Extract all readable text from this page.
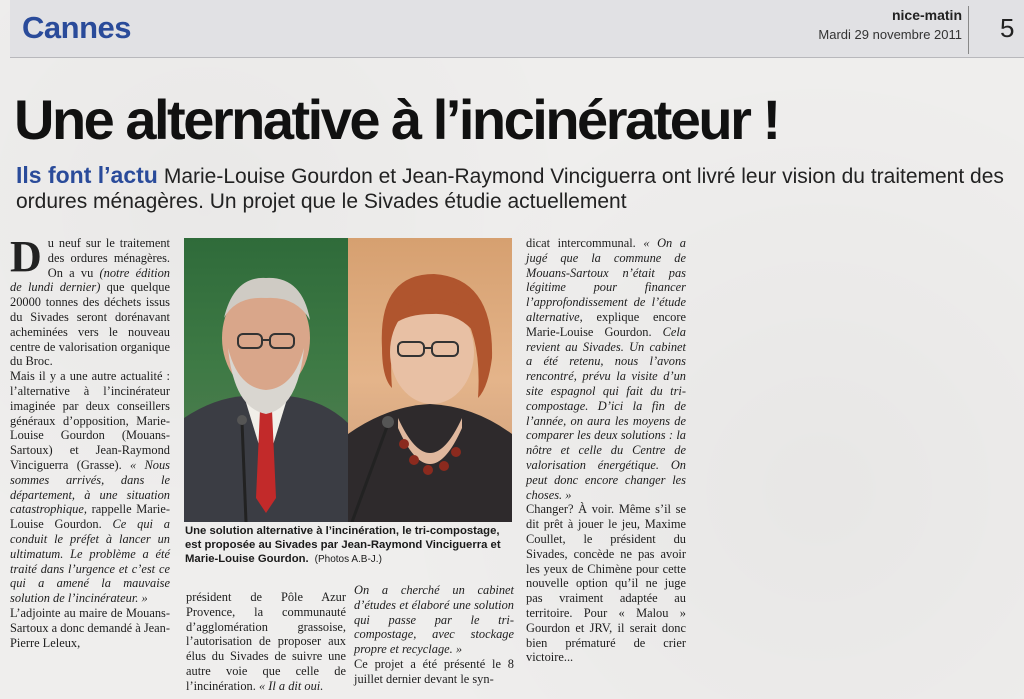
Cannes	nice-matin
Mardi 29 novembre 2011 5
Une alternative à l’incinérateur !
Ils font l’actu Marie-Louise Gourdon et Jean-Raymond Vinciguerra ont livré leur vision du traitement des ordures ménagères. Un projet que le Sivades étudie actuellement

Du neuf sur le traitement des ordures ménagères. On a vu (notre édition de lundi dernier) que quelque 20000 tonnes des déchets issus du Sivades seront dorénavant acheminées vers le nouveau centre de valorisation organique du Broc.

Mais il y a une autre actualité : l’alternative à l’incinérateur imaginée par deux conseillers généraux d’opposition, Marie-Louise Gourdon (Mouans-Sartoux) et Jean-Raymond Vinciguerra (Grasse). « Nous sommes arrivés, dans le département, à une situation catastrophique, rappelle Marie-Louise Gourdon. Ce qui a conduit le préfet à lancer un ultimatum. Le problème a été traité dans l’urgence et c’est ce qui a amené la mauvaise solution de l’incinérateur. »

L’adjointe au maire de Mouans-Sartoux a donc demandé à Jean-Pierre Leleux,

Une solution alternative à l’incinération, le tri-compostage, est proposée au Sivades par Jean-Raymond Vinciguerra et Marie-Louise Gourdon. (Photos A.B-J.)

président de Pôle Azur Provence, la communauté d’agglomération grassoise, l’autorisation de proposer aux élus du Sivades de suivre une autre voie que celle de l’incinération. « Il a dit oui.

On a cherché un cabinet d’études et élaboré une solution qui passe par le tri-compostage, avec stockage propre et recyclage. »

Ce projet a été présenté le 8 juillet dernier devant le syn-

dicat intercommunal. « On a jugé que la commune de Mouans-Sartoux n’était pas légitime pour financer l’approfondissement de l’étude alternative, explique encore Marie-Louise Gourdon. Cela revient au Sivades. Un cabinet a été retenu, nous l’avons rencontré, prévu la visite d’un site espagnol qui fait du tri-compostage. D’ici la fin de l’année, on aura les moyens de comparer les deux solutions : la nôtre et celle du Centre de valorisation énergétique. On peut donc encore changer les choses. »

Changer? À voir. Même s’il se dit prêt à jouer le jeu, Maxime Coullet, le président du Sivades, concède ne pas avoir les yeux de Chimène pour cette nouvelle option qu’il ne juge pas vraiment adaptée au territoire. Pour « Malou » Gourdon et JRV, il serait donc bien prématuré de crier victoire...
